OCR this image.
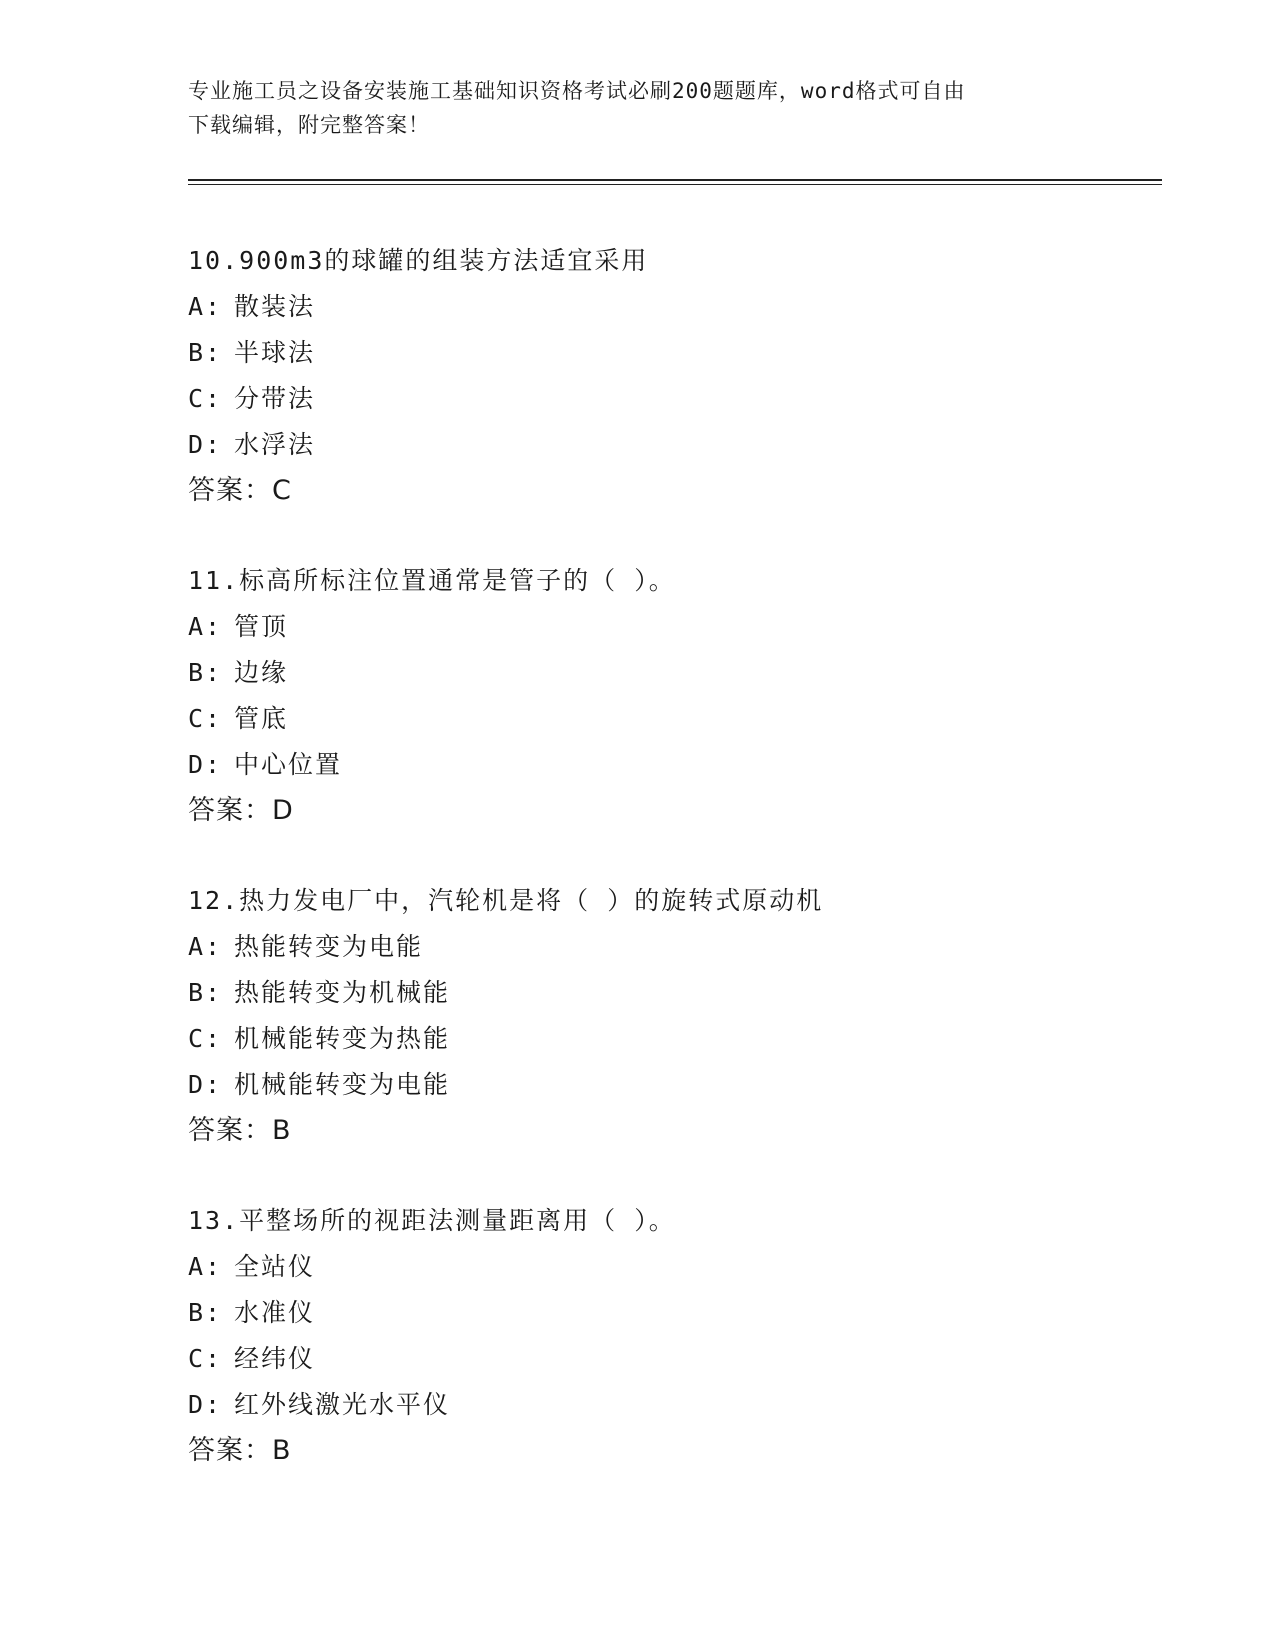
专业施工员之设备安装施工基础知识资格考试必刷200题题库，word格式可自由
下载编辑，附完整答案！
10.900m3的球罐的组装方法适宜采用
A: 散装法
B: 半球法
C: 分带法
D: 水浮法
答案：C
11.标高所标注位置通常是管子的（ ）。
A: 管顶
B: 边缘
C: 管底
D: 中心位置
答案：D
12.热力发电厂中，汽轮机是将（ ）的旋转式原动机
A: 热能转变为电能
B: 热能转变为机械能
C: 机械能转变为热能
D: 机械能转变为电能
答案：B
13.平整场所的视距法测量距离用（ ）。
A: 全站仪
B: 水准仪
C: 经纬仪
D: 红外线激光水平仪
答案：B
